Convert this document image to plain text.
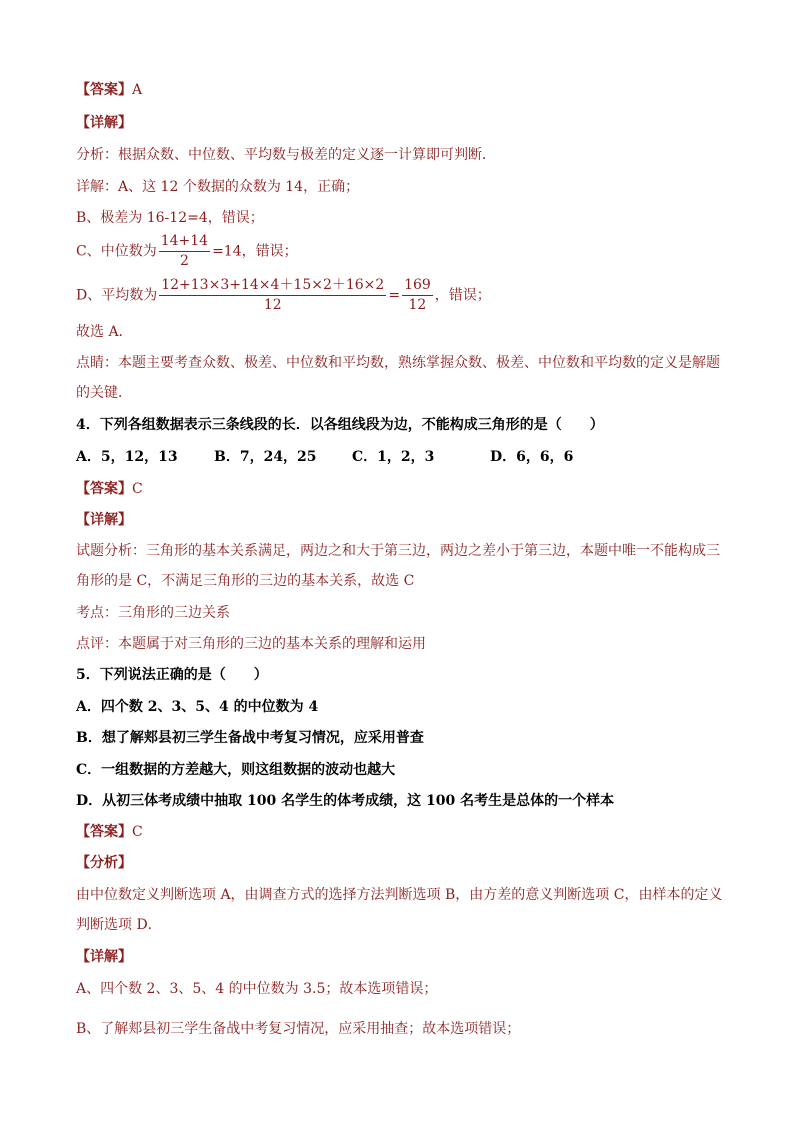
【答案】A
【详解】
分析：根据众数、中位数、平均数与极差的定义逐一计算即可判断．
详解：A、这 12 个数据的众数为 14，正确；
B、极差为 16-12=4，错误；
C、中位数为 $\frac{14+14}{2} =14$，错误；
D、平均数为 $\frac{12+13\times 3+14\times 4+15\times 2+16\times 2}{12} = \frac{169}{12}$ ，错误；
故选 A．
点睛：本题主要考查众数、极差、中位数和平均数，熟练掌握众数、极差、中位数和平均数的定义是解题
的关键．
4．下列各组数据表示三条线段的长．以各组线段为边，不能构成三角形的是（　　）
A．5，12，13	B．7，24，25	C．1，2，3	D．6，6，6
【答案】C
【详解】
试题分析：三角形的基本关系满足，两边之和大于第三边，两边之差小于第三边，本题中唯一不能构成三
角形的是 C，不满足三角形的三边的基本关系，故选 C
考点：三角形的三边关系
点评：本题属于对三角形的三边的基本关系的理解和运用
5．下列说法正确的是（　　）
A．四个数 2、3、5、4 的中位数为 4
B．想了解郏县初三学生备战中考复习情况，应采用普查
C．一组数据的方差越大，则这组数据的波动也越大
D．从初三体考成绩中抽取 100 名学生的体考成绩，这 100 名考生是总体的一个样本
【答案】C
【分析】
由中位数定义判断选项 A，由调查方式的选择方法判断选项 B，由方差的意义判断选项 C，由样本的定义
判断选项 D．
【详解】
A、四个数 2、3、5、4 的中位数为 3.5；故本选项错误；
B、了解郏县初三学生备战中考复习情况，应采用抽查；故本选项错误；
